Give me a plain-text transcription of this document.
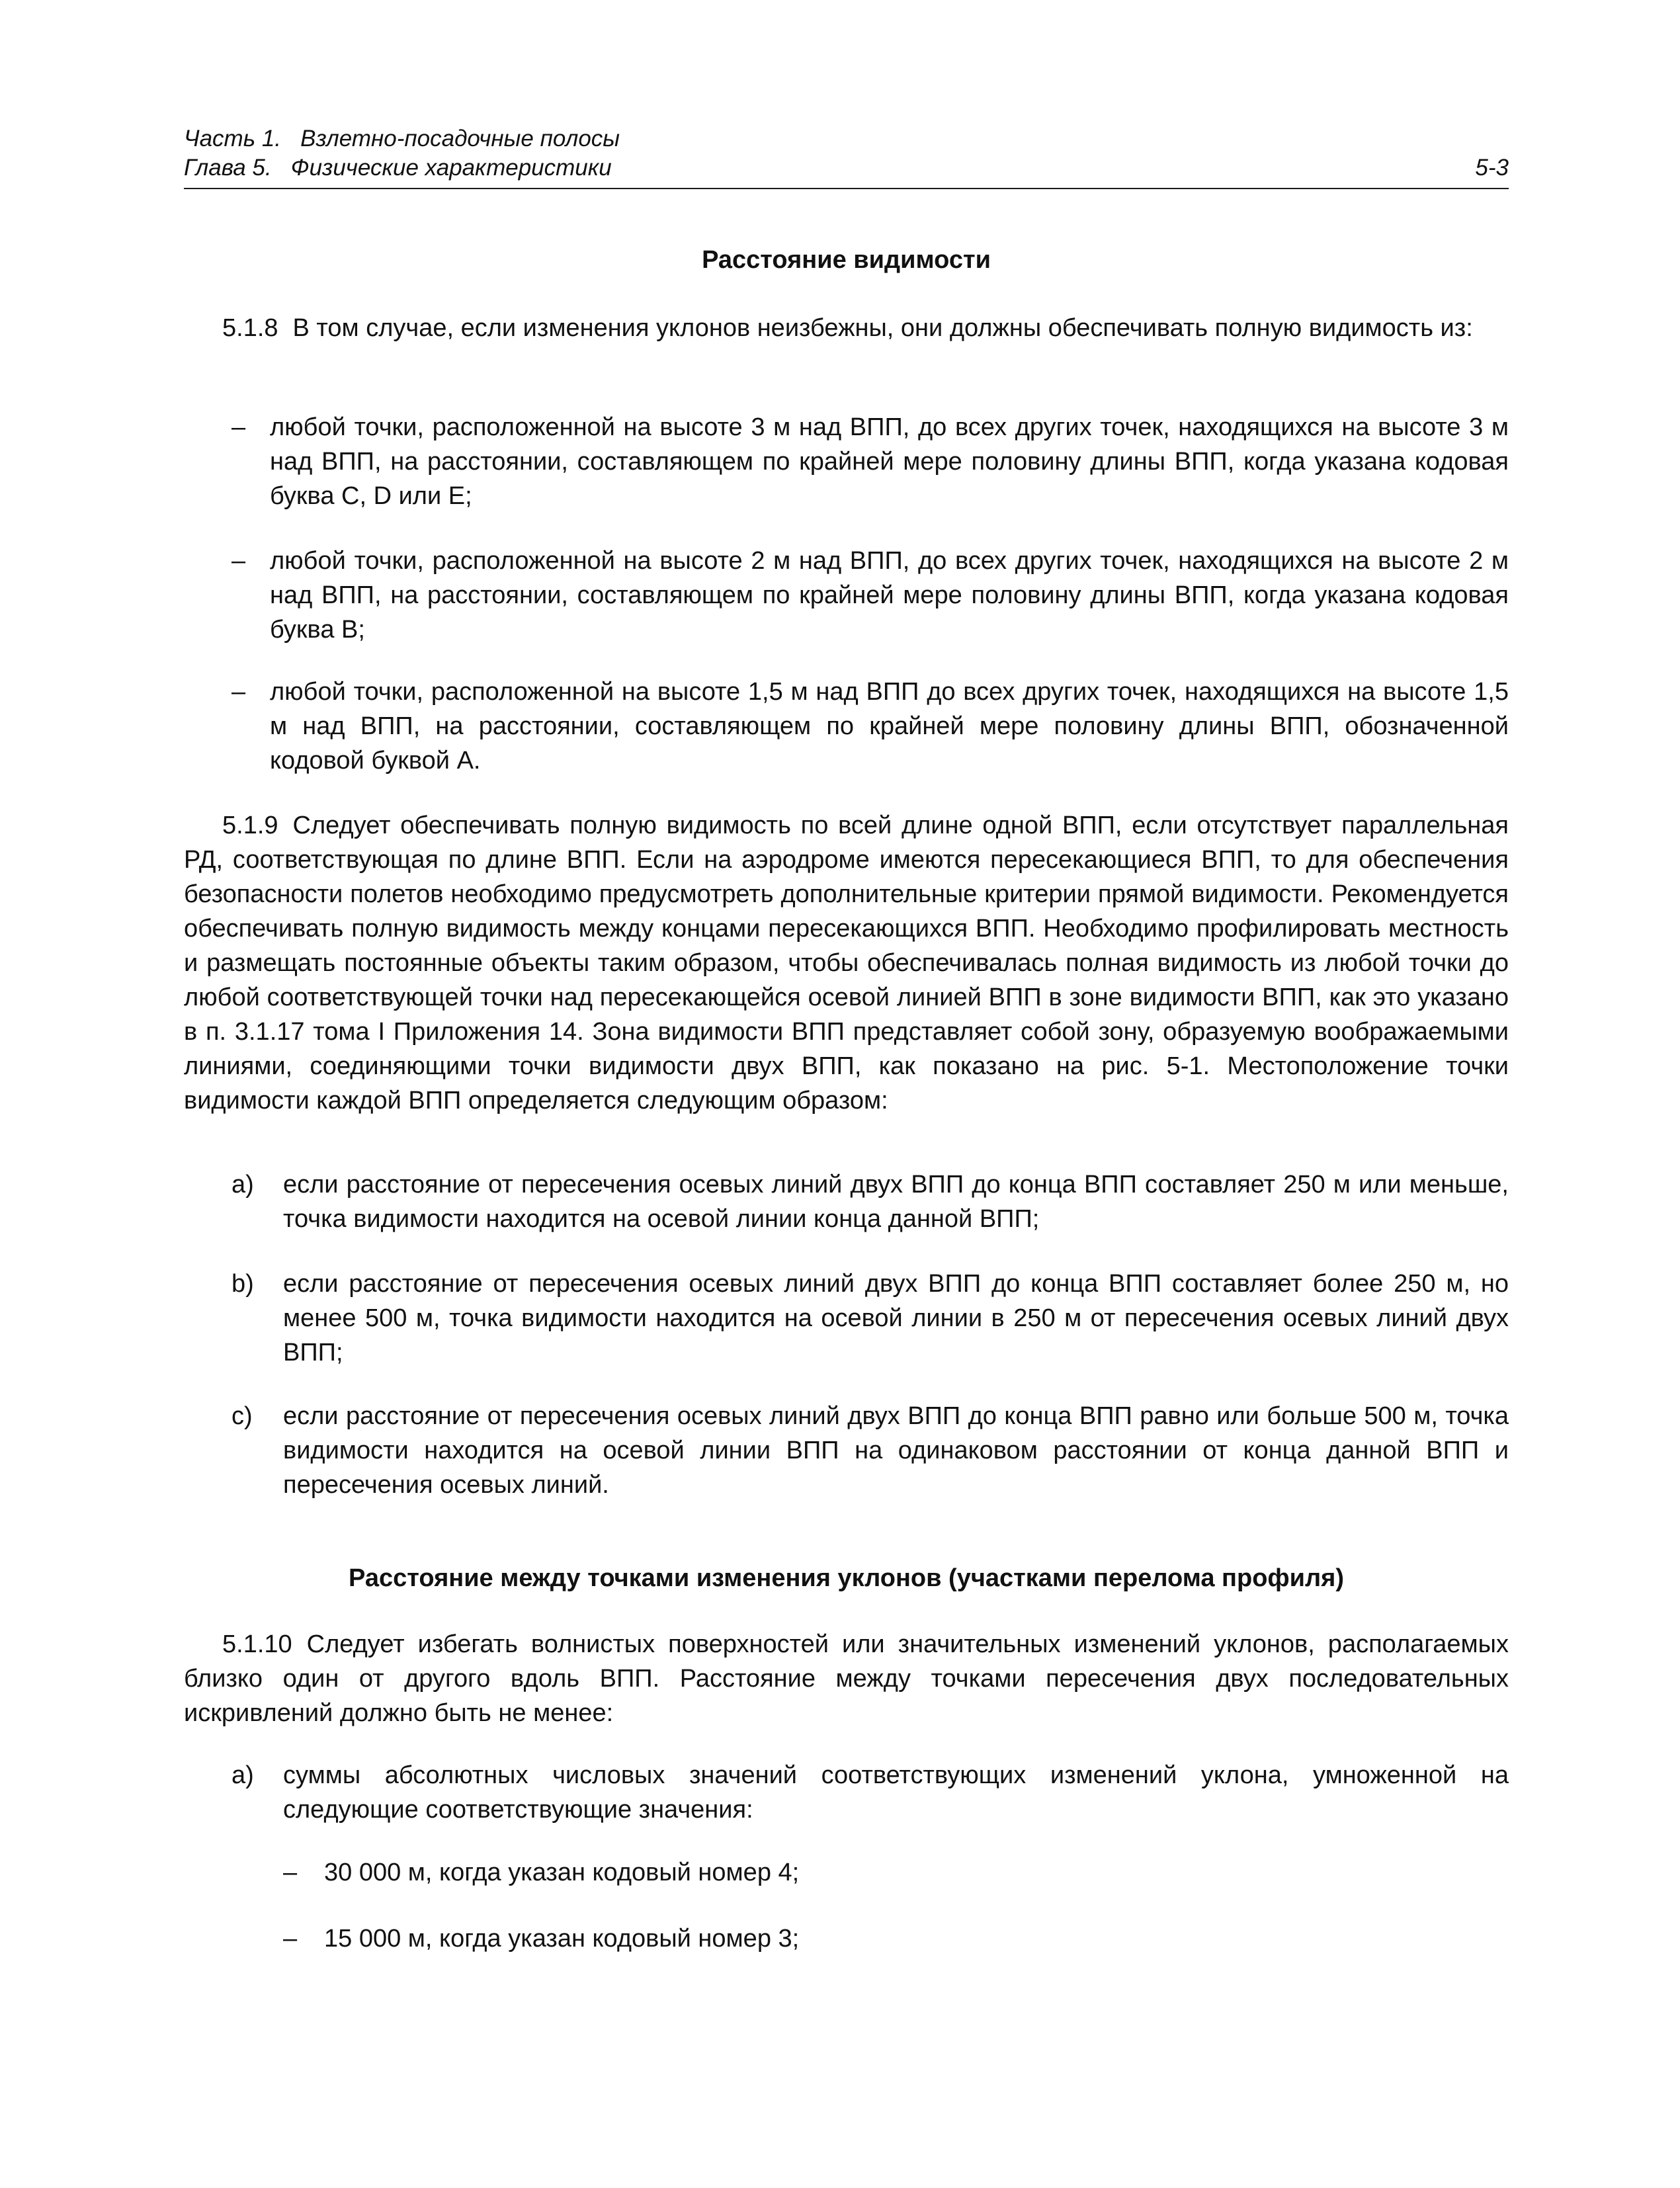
Часть 1.   Взлетно-посадочные полосы
Глава 5.   Физические характеристики	5-3
Расстояние видимости
5.1.8 В том случае, если изменения уклонов неизбежны, они должны обеспечивать полную видимость из:
– любой точки, расположенной на высоте 3 м над ВПП, до всех других точек, находящихся на высоте 3 м над ВПП, на расстоянии, составляющем по крайней мере половину длины ВПП, когда указана кодовая буква C, D или E;
– любой точки, расположенной на высоте 2 м над ВПП, до всех других точек, находящихся на высоте 2 м над ВПП, на расстоянии, составляющем по крайней мере половину длины ВПП, когда указана кодовая буква B;
– любой точки, расположенной на высоте 1,5 м над ВПП до всех других точек, находящихся на высоте 1,5 м над ВПП, на расстоянии, составляющем по крайней мере половину длины ВПП, обозначенной кодовой буквой A.
5.1.9 Следует обеспечивать полную видимость по всей длине одной ВПП, если отсутствует параллельная РД, соответствующая по длине ВПП. Если на аэродроме имеются пересекающиеся ВПП, то для обеспечения безопасности полетов необходимо предусмотреть дополнительные критерии прямой видимости. Рекомендуется обеспечивать полную видимость между концами пересекающихся ВПП. Необходимо профилировать местность и размещать постоянные объекты таким образом, чтобы обеспечивалась полная видимость из любой точки до любой соответствующей точки над пересекающейся осевой линией ВПП в зоне видимости ВПП, как это указано в п. 3.1.17 тома I Приложения 14. Зона видимости ВПП представляет собой зону, образуемую воображаемыми линиями, соединяющими точки видимости двух ВПП, как показано на рис. 5-1. Местоположение точки видимости каждой ВПП определяется следующим образом:
a) если расстояние от пересечения осевых линий двух ВПП до конца ВПП составляет 250 м или меньше, точка видимости находится на осевой линии конца данной ВПП;
b) если расстояние от пересечения осевых линий двух ВПП до конца ВПП составляет более 250 м, но менее 500 м, точка видимости находится на осевой линии в 250 м от пересечения осевых линий двух ВПП;
c) если расстояние от пересечения осевых линий двух ВПП до конца ВПП равно или больше 500 м, точка видимости находится на осевой линии ВПП на одинаковом расстоянии от конца данной ВПП и пересечения осевых линий.
Расстояние между точками изменения уклонов (участками перелома профиля)
5.1.10 Следует избегать волнистых поверхностей или значительных изменений уклонов, располагаемых близко один от другого вдоль ВПП. Расстояние между точками пересечения двух последовательных искривлений должно быть не менее:
a) суммы абсолютных числовых значений соответствующих изменений уклона, умноженной на следующие соответствующие значения:
– 30 000 м, когда указан кодовый номер 4;
– 15 000 м, когда указан кодовый номер 3;
